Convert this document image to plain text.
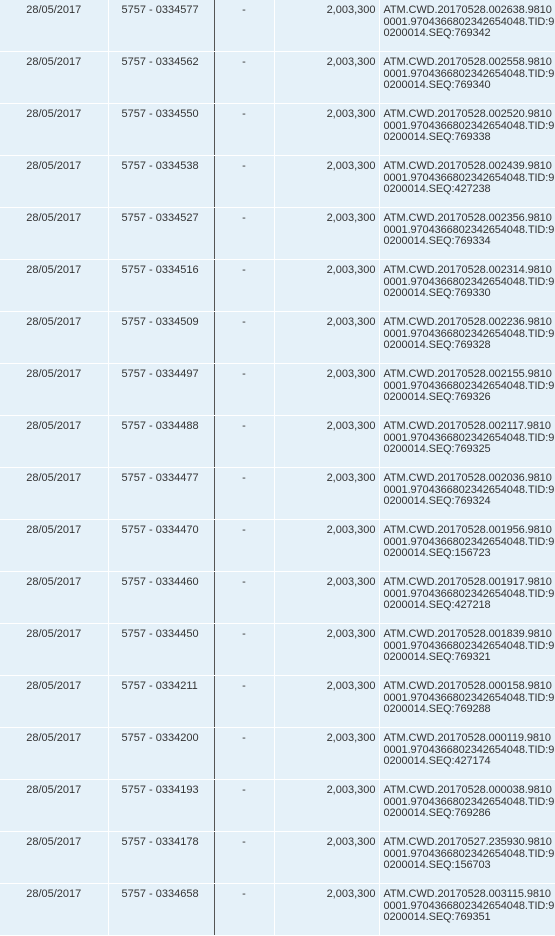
28/05/2017	5757 - 0334577	-	2,003,300	ATM.CWD.20170528.002638.98100001.9704366802342654048.TID:90200014.SEQ:769342
28/05/2017	5757 - 0334562	-	2,003,300	ATM.CWD.20170528.002558.98100001.9704366802342654048.TID:90200014.SEQ:769340
28/05/2017	5757 - 0334550	-	2,003,300	ATM.CWD.20170528.002520.98100001.9704366802342654048.TID:90200014.SEQ:769338
28/05/2017	5757 - 0334538	-	2,003,300	ATM.CWD.20170528.002439.98100001.9704366802342654048.TID:90200014.SEQ:427238
28/05/2017	5757 - 0334527	-	2,003,300	ATM.CWD.20170528.002356.98100001.9704366802342654048.TID:90200014.SEQ:769334
28/05/2017	5757 - 0334516	-	2,003,300	ATM.CWD.20170528.002314.98100001.9704366802342654048.TID:90200014.SEQ:769330
28/05/2017	5757 - 0334509	-	2,003,300	ATM.CWD.20170528.002236.98100001.9704366802342654048.TID:90200014.SEQ:769328
28/05/2017	5757 - 0334497	-	2,003,300	ATM.CWD.20170528.002155.98100001.9704366802342654048.TID:90200014.SEQ:769326
28/05/2017	5757 - 0334488	-	2,003,300	ATM.CWD.20170528.002117.98100001.9704366802342654048.TID:90200014.SEQ:769325
28/05/2017	5757 - 0334477	-	2,003,300	ATM.CWD.20170528.002036.98100001.9704366802342654048.TID:90200014.SEQ:769324
28/05/2017	5757 - 0334470	-	2,003,300	ATM.CWD.20170528.001956.98100001.9704366802342654048.TID:90200014.SEQ:156723
28/05/2017	5757 - 0334460	-	2,003,300	ATM.CWD.20170528.001917.98100001.9704366802342654048.TID:90200014.SEQ:427218
28/05/2017	5757 - 0334450	-	2,003,300	ATM.CWD.20170528.001839.98100001.9704366802342654048.TID:90200014.SEQ:769321
28/05/2017	5757 - 0334211	-	2,003,300	ATM.CWD.20170528.000158.98100001.9704366802342654048.TID:90200014.SEQ:769288
28/05/2017	5757 - 0334200	-	2,003,300	ATM.CWD.20170528.000119.98100001.9704366802342654048.TID:90200014.SEQ:427174
28/05/2017	5757 - 0334193	-	2,003,300	ATM.CWD.20170528.000038.98100001.9704366802342654048.TID:90200014.SEQ:769286
28/05/2017	5757 - 0334178	-	2,003,300	ATM.CWD.20170527.235930.98100001.9704366802342654048.TID:90200014.SEQ:156703
28/05/2017	5757 - 0334658	-	2,003,300	ATM.CWD.20170528.003115.98100001.9704366802342654048.TID:90200014.SEQ:769351
